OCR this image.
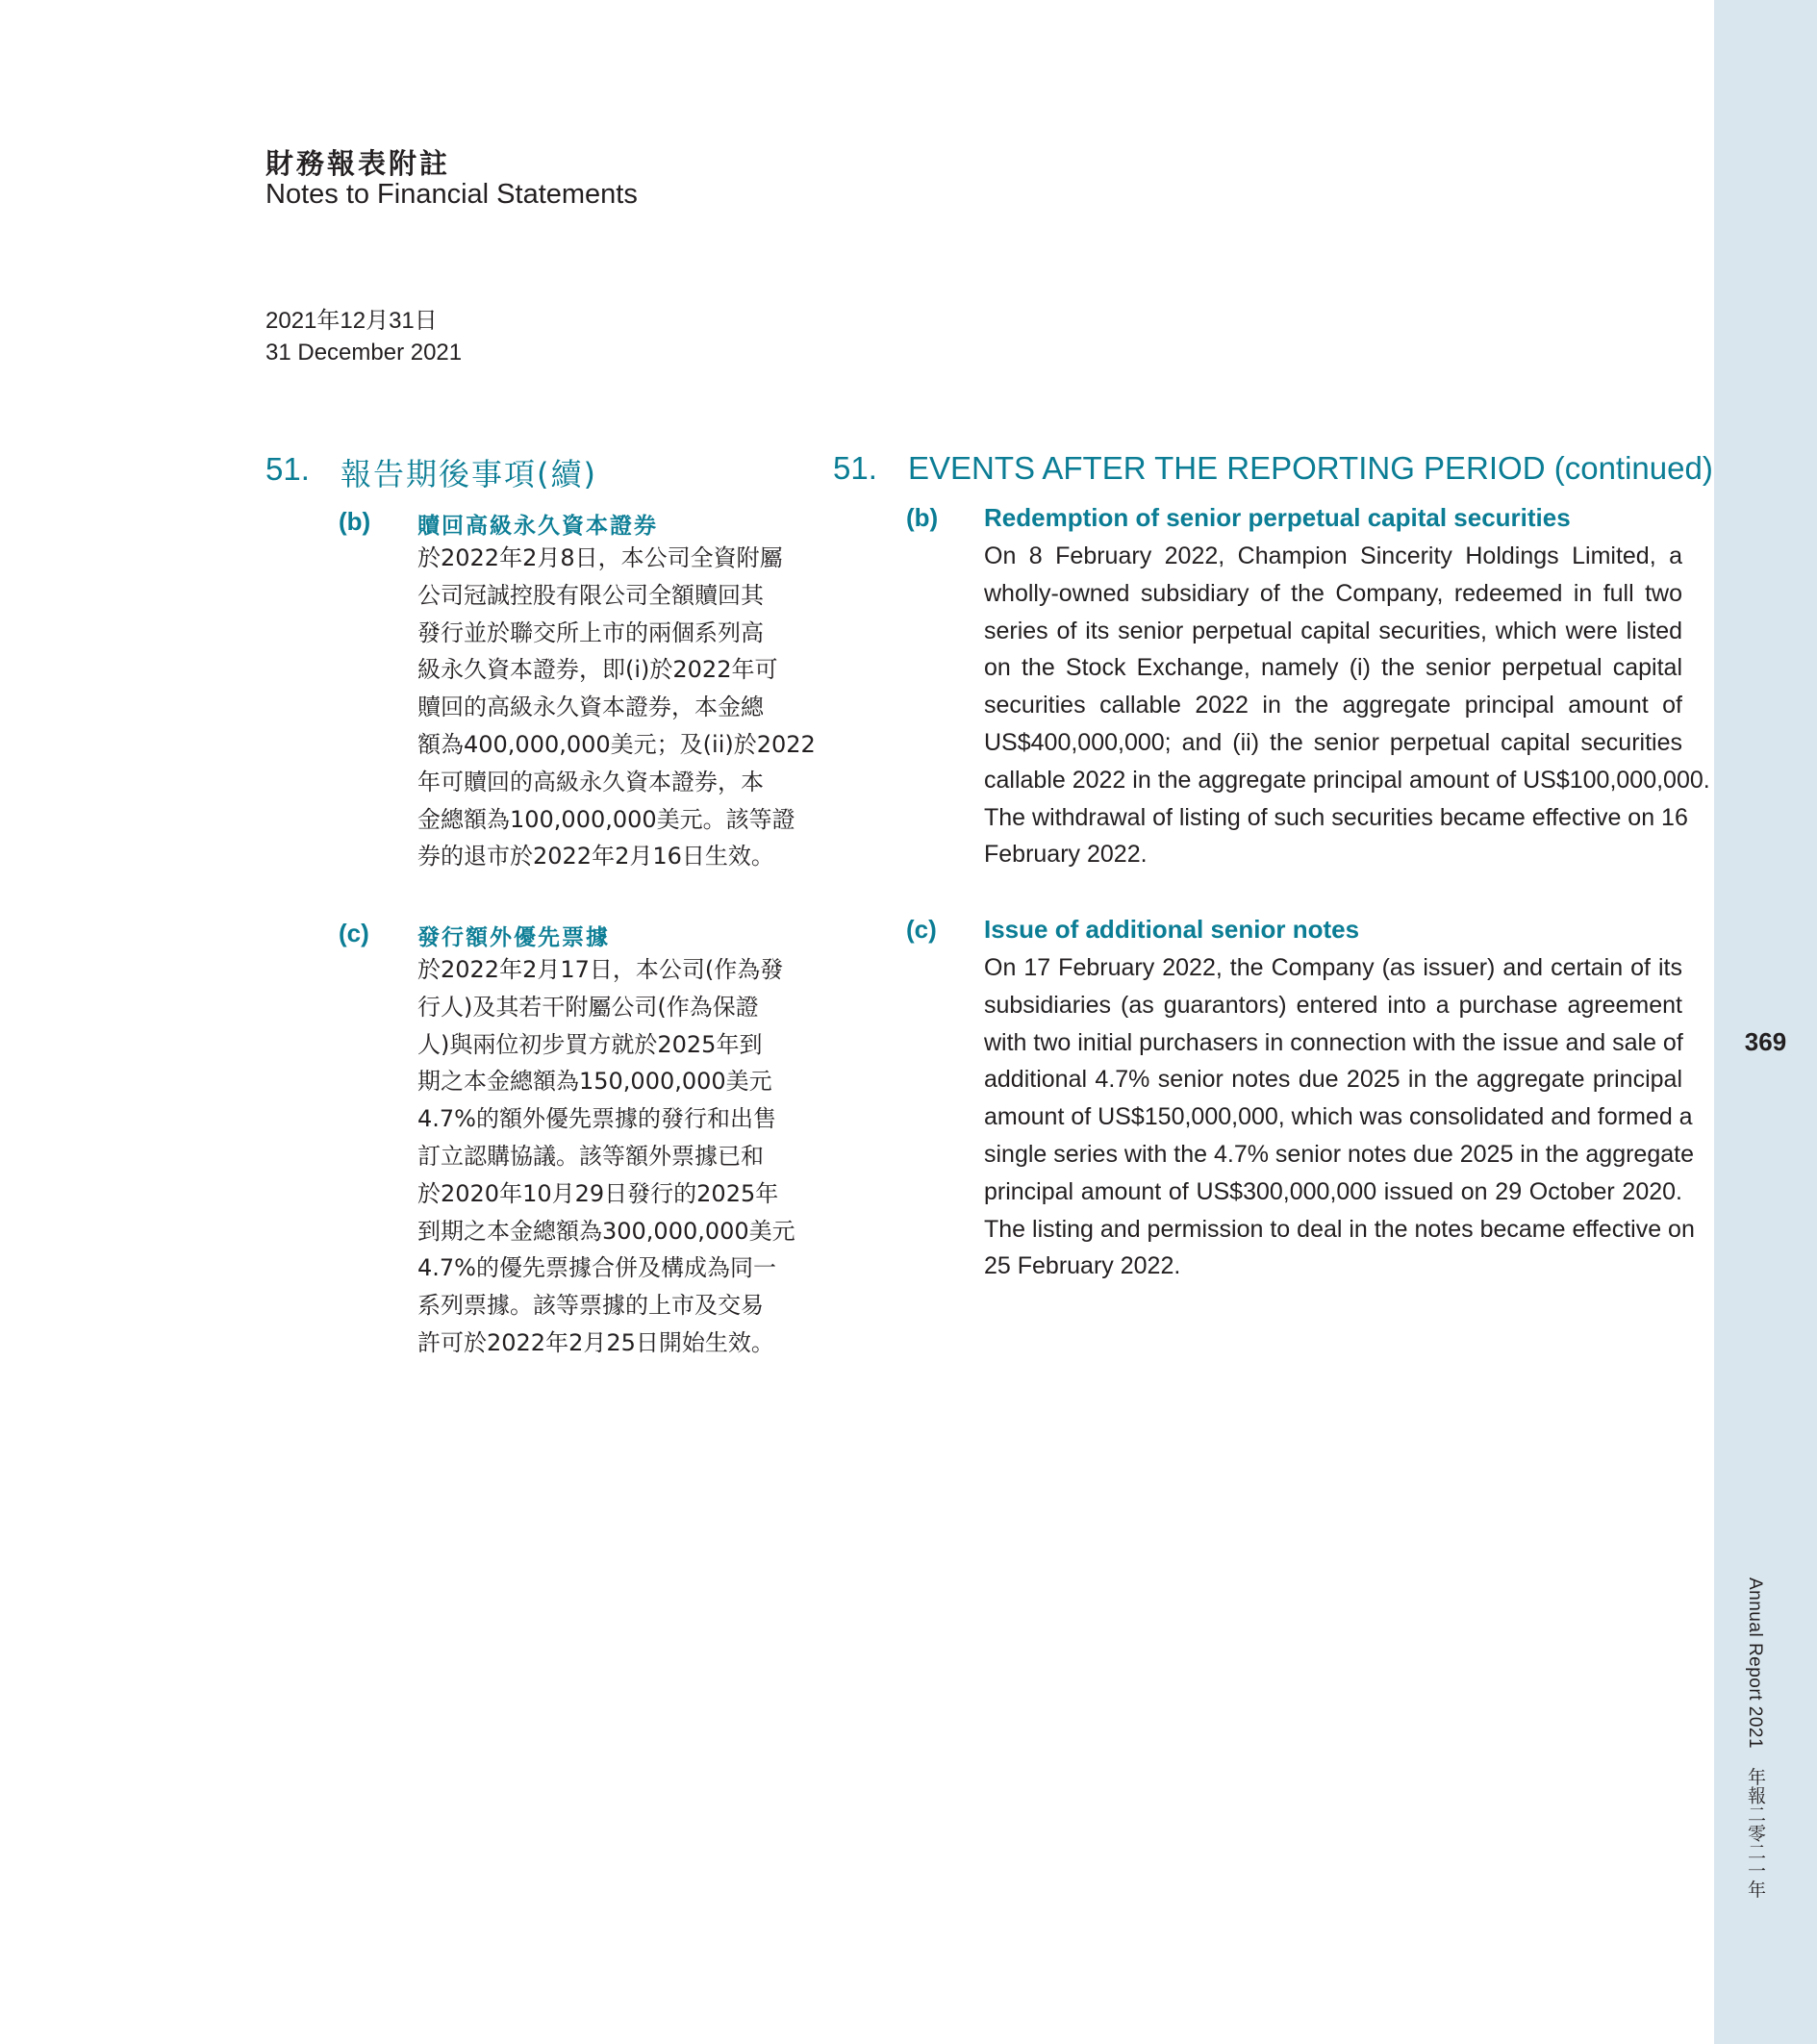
369
Annual Report 2021　年報二零二一年
財務報表附註
Notes to Financial Statements
2021年12月31日
31 December 2021
51. 報告期後事項(續)
(b) 贖回高級永久資本證券
於2022年2月8日，本公司全資附屬
公司冠誠控股有限公司全額贖回其
發行並於聯交所上市的兩個系列高
級永久資本證券，即(i)於2022年可
贖回的高級永久資本證券，本金總
額為400,000,000美元；及(ii)於2022
年可贖回的高級永久資本證券，本
金總額為100,000,000美元。該等證
券的退市於2022年2月16日生效。
(c) 發行額外優先票據
於2022年2月17日，本公司(作為發
行人)及其若干附屬公司(作為保證
人)與兩位初步買方就於2025年到
期之本金總額為150,000,000美元
4.7%的額外優先票據的發行和出售
訂立認購協議。該等額外票據已和
於2020年10月29日發行的2025年
到期之本金總額為300,000,000美元
4.7%的優先票據合併及構成為同一
系列票據。該等票據的上市及交易
許可於2022年2月25日開始生效。
51. EVENTS AFTER THE REPORTING PERIOD (continued)
(b) Redemption of senior perpetual capital securities
On 8 February 2022, Champion Sincerity Holdings Limited, a
wholly-owned subsidiary of the Company, redeemed in full two
series of its senior perpetual capital securities, which were listed
on the Stock Exchange, namely (i) the senior perpetual capital
securities callable 2022 in the aggregate principal amount of
US$400,000,000; and (ii) the senior perpetual capital securities
callable 2022 in the aggregate principal amount of US$100,000,000.
The withdrawal of listing of such securities became effective on 16
February 2022.
(c) Issue of additional senior notes
On 17 February 2022, the Company (as issuer) and certain of its
subsidiaries (as guarantors) entered into a purchase agreement
with two initial purchasers in connection with the issue and sale of
additional 4.7% senior notes due 2025 in the aggregate principal
amount of US$150,000,000, which was consolidated and formed a
single series with the 4.7% senior notes due 2025 in the aggregate
principal amount of US$300,000,000 issued on 29 October 2020.
The listing and permission to deal in the notes became effective on
25 February 2022.
